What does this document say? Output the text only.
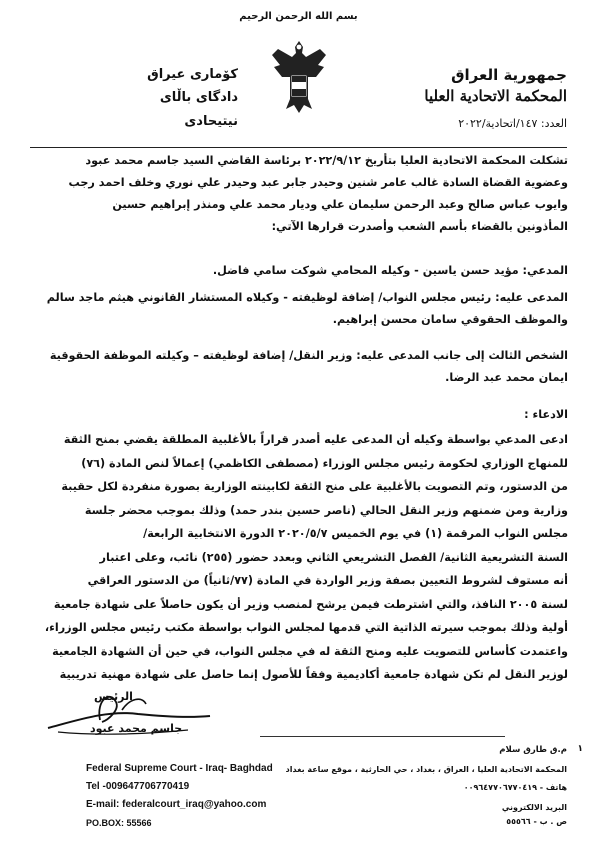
بسم الله الرحمن الرحيم
جمهورية العراق
المحكمة الاتحادية العليا
كۆماری عیراق
دادگای باڵای نیتیحادی	العدد: ١٤٧/اتحادية/٢٠٢٢

تشكلت المحكمة الاتحادية العليا بتأريخ ٢٠٢٢/٩/١٢ برئاسة القاضي السيد جاسم محمد عبود

وعضوية القضاة السادة غالب عامر شنين وحيدر جابر عبد وحيدر علي نوري وخلف احمد رجب

وايوب عباس صالح وعبد الرحمن سليمان علي وديار محمد علي ومنذر إبراهيم حسين

المأذونين بالقضاء بأسم الشعب وأصدرت قرارها الآتي:

المدعي: مؤيد حسن ياسين - وكيله المحامي شوكت سامي فاضل.

المدعى عليه: رئيس مجلس النواب/ إضافة لوظيفته - وكيلاه المستشار القانوني هيثم ماجد سالم

والموظف الحقوقي سامان محسن إبراهيم.

الشخص الثالث إلى جانب المدعى عليه: وزير النقل/ إضافة لوظيفته – وكيلته الموظفة الحقوقية

ايمان محمد عبد الرضا.

الادعاء :

ادعى المدعي بواسطة وكيله أن المدعى عليه أصدر قراراً بالأغلبية المطلقة يقضي بمنح الثقة

للمنهاج الوزاري لحكومة رئيس مجلس الوزراء (مصطفى الكاظمي) إعمالاً لنص المادة (٧٦)

من الدستور، وتم التصويت بالأغلبية على منح الثقة لكابينته الوزارية بصورة منفردة لكل حقيبة

وزارية ومن ضمنهم وزير النقل الحالي (ناصر حسين بندر حمد) وذلك بموجب محضر جلسة

مجلس النواب المرقمة (١) في يوم الخميس ٢٠٢٠/٥/٧ الدورة الانتخابية الرابعة/

السنة التشريعية الثانية/ الفصل التشريعي الثاني وبعدد حضور (٢٥٥) نائب، وعلى اعتبار

أنه مستوف لشروط التعيين بصفة وزير الواردة في المادة (٧٧/ثانياً) من الدستور العراقي

لسنة ٢٠٠٥ النافذ، والتي اشترطت فيمن يرشح لمنصب وزير أن يكون حاصلاً على شهادة جامعية

أولية وذلك بموجب سيرته الذاتية التي قدمها لمجلس النواب بواسطة مكتب رئيس مجلس الوزراء،

واعتمدت كأساس للتصويت عليه ومنح الثقة له في مجلس النواب، في حين أن الشهادة الجامعية

لوزير النقل لم تكن شهادة جامعية أكاديمية وفقاً للأصول إنما حاصل على شهادة مهنية تدريبية

الرئيس
جاسم محمد عبود
١
Federal Supreme Court - Iraq- Baghdad
Tel -009647706770419
E-mail: federalcourt_iraq@yahoo.com
PO.BOX: 55566
م.ق طارق سلام
المحكمة الاتحادية العليا ، العراق ، بغداد ، حي الحارثية ، موقع ساعة بغداد
هاتف - ٠٠٩٦٤٧٧٠٦٧٧٠٤١٩
البريد الالكتروني
ص . ب - ٥٥٥٦٦
